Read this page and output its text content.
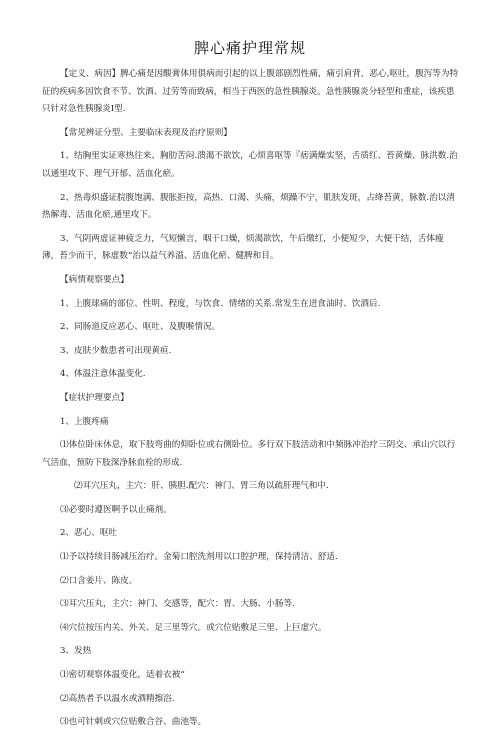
脾心痛护理常规

【定义、病因】脾心痛是因酸膏体用俱病而引起的以上腹部剧烈性痛，痛引肩背，恶心,呕吐，腹泻等为特征的疾病多因饮食不节、饮酒、过劳等而致病，相当于西医的急性胰腺炎。急性胰腺炎分轻型和重症，该疾患只针对急性胰腺炎Ⅰ型.

【常见辨证分型、主要临床表现及治疗原则】

1、结胸里实证寒热往来、胸肋苦闷.溃渴不欲饮，心烦喜呕等『痞满燥实坚，舌质红、苔黄燥、脉洪数.治以通里攻下、理气开郁、活血化瘀。

2、热毒炽盛证脘腹饱满、腹胀拒按，高热、口渴、头痛，烦躁不宁，肌肤发斑，占绛苔黄，脉数.治以清热解毒、活血化瘀,通里攻下。

3、气阴两虚证神疲乏力，气短懒言，咽干口燥，烦渴欲饮，午后缴红，小便短少，大便干结，舌体瘦薄，苔少而干，脉虚数“治以益气养溢、活血化瘀、健脾和目。

【病情观察要点】

1、上腹球痛的部位、性明、程度，与饮食、情绪的关系.常发生在进食油时、饮酒后.

2、同肠道反应恶心、呕吐、及腹喉情况。

3、皮肤少数患者可出现黄疸.

4、体温注意体温变化.

【症状护理要点】

1、上腹疼痛

⑴体位卧床休息，取下肢弯曲的仰卧位或右侧卧位。多行双下肢活动和中频脉冲治疗三阴交、承山穴以行气活血，预防下肢深净脉血栓的形成.

⑵耳穴压丸，主穴：肝、胰胆.配穴：神门、胃三角以疏肝理气和中.

⑶必要时遵医啊予以止痛剂。

2、恶心、呕吐

⑴予以持续目肠减压治疗。金菊口腔洗剂用以口腔护理，保持清洁、舒适.

⑵口含姜片、陈皮。

⑶耳穴压丸，主穴：神门、交感等，配穴：胃、大肠、小肠等.

⑷穴位按压内关、外关、足三里等穴。或穴位贴敷足三里、上巨虚穴。

3、发热

⑴密切观察体温变化，适着衣被“

⑵高热者予以温水或酒精擦浴.

⑶也可针刺或穴位贴敷合谷、曲池等。
